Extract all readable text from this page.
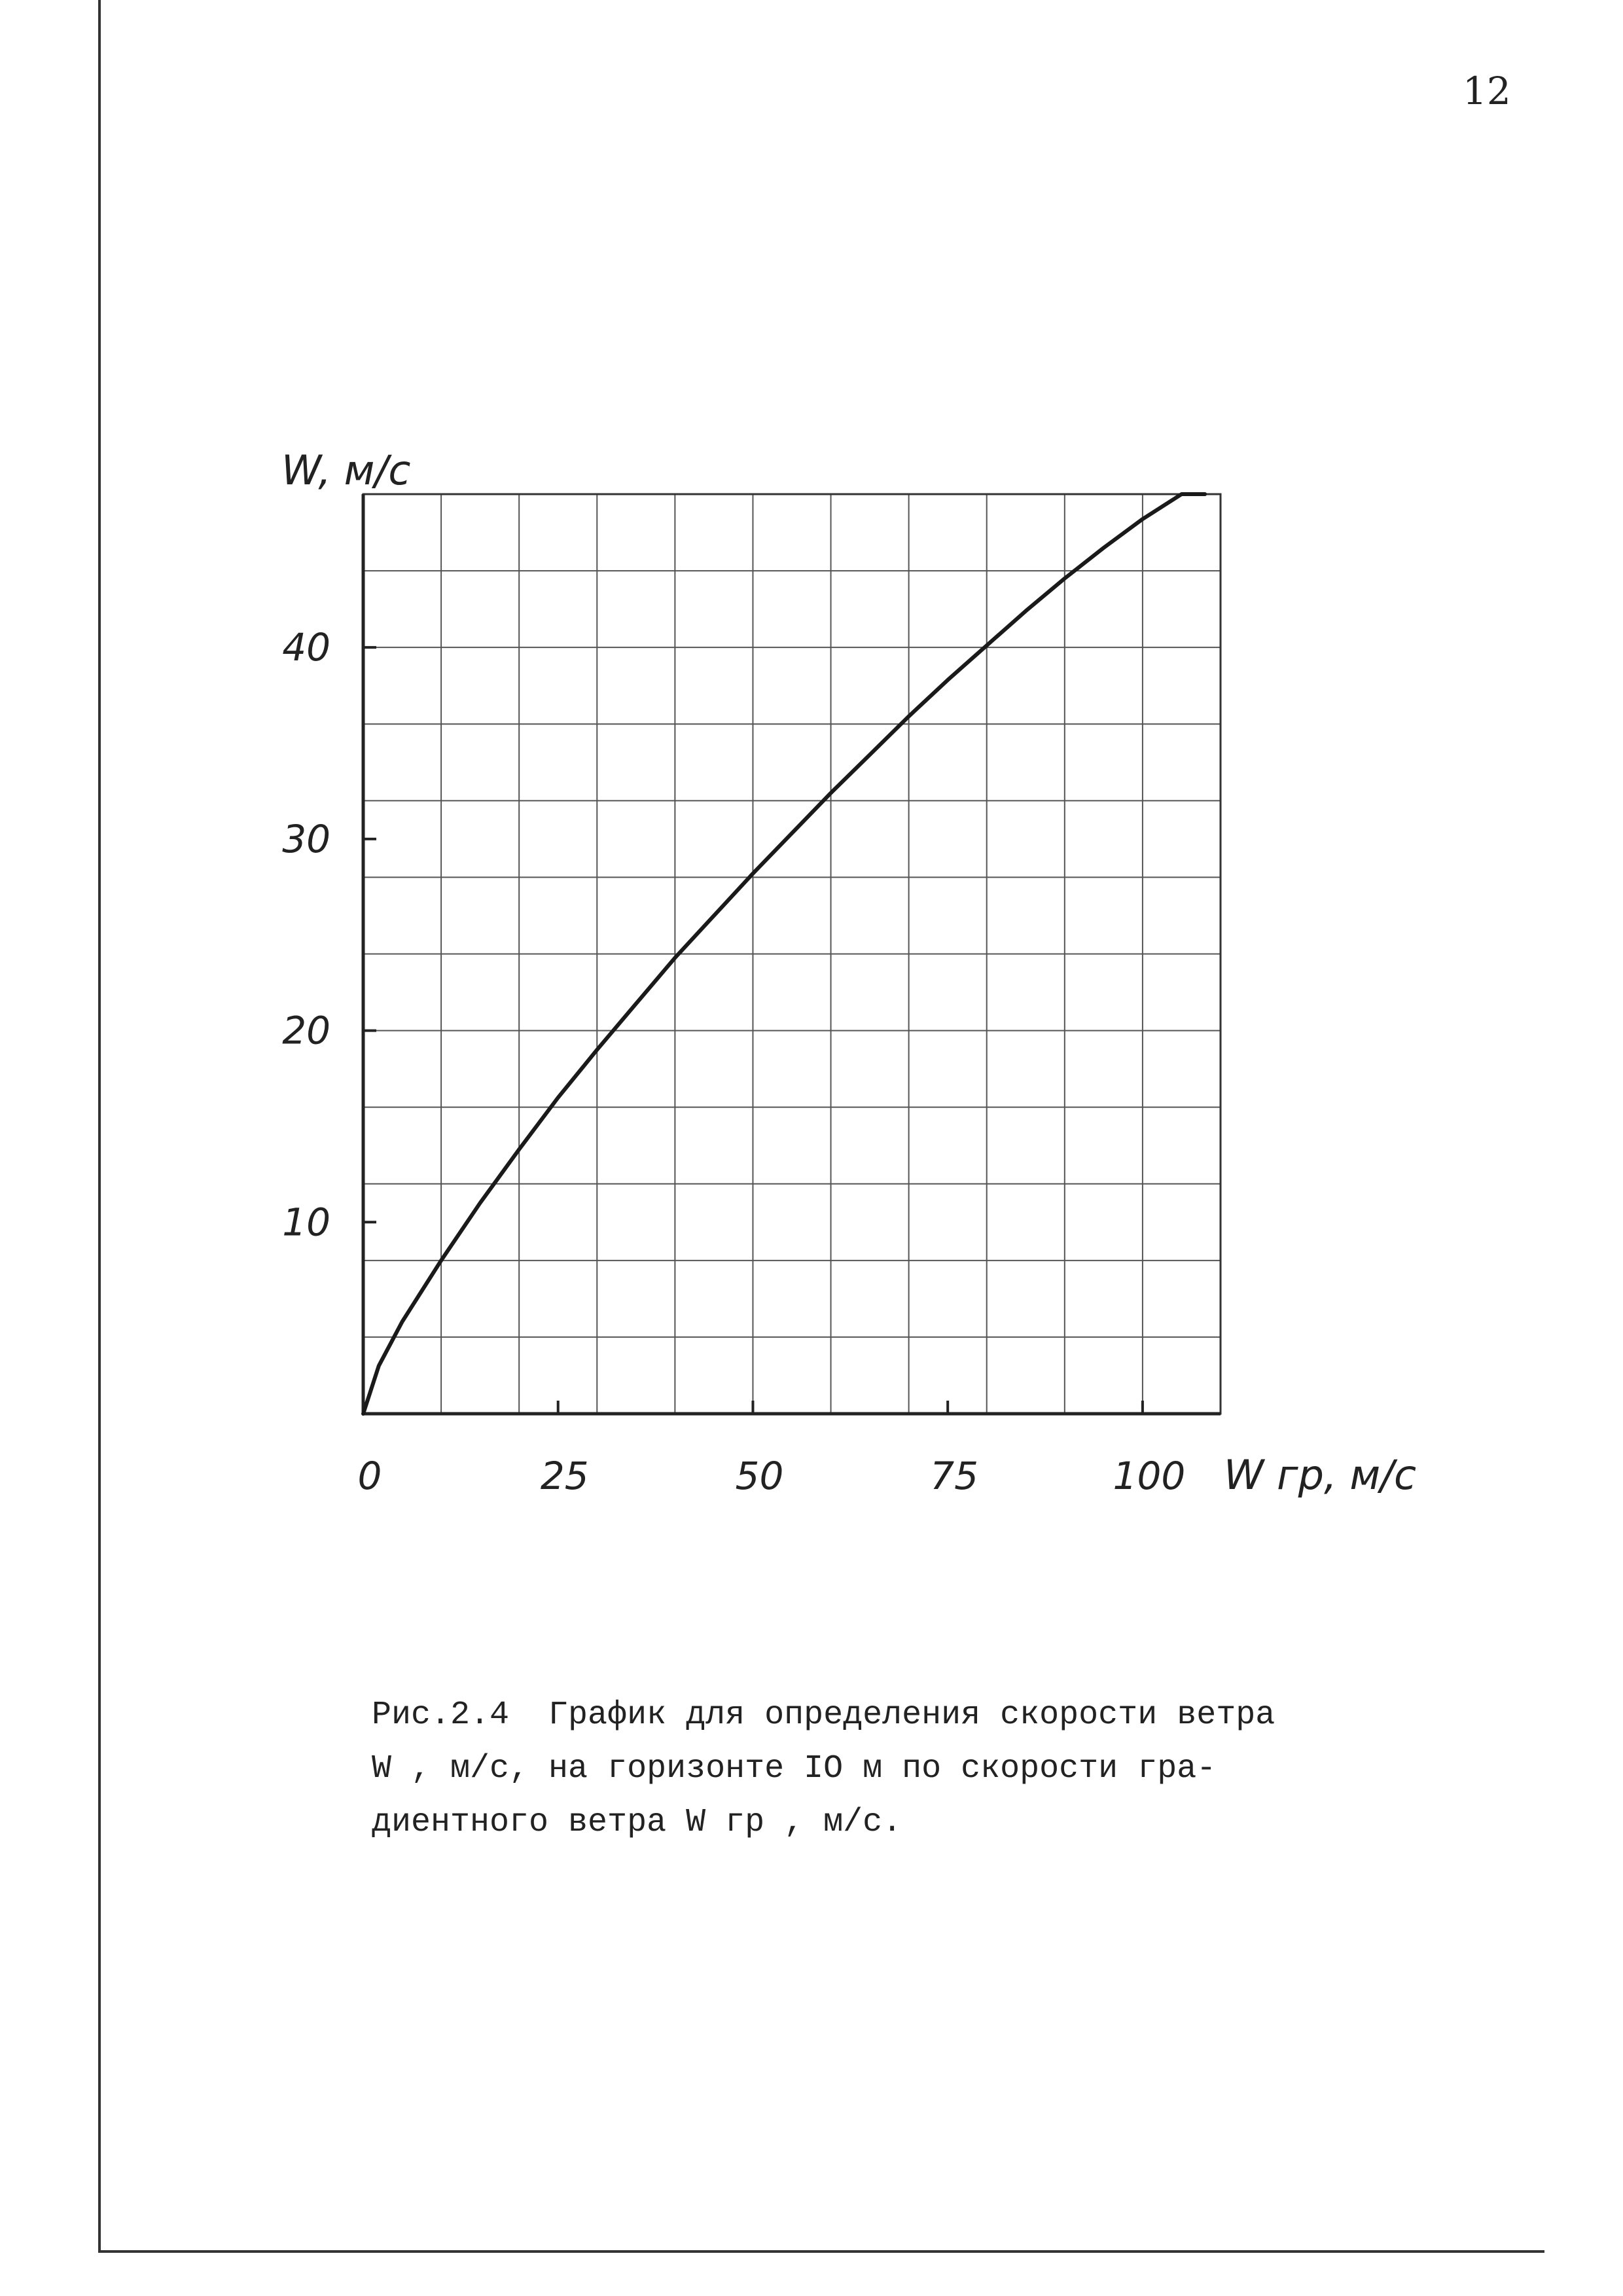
12
0	25	50	75	100
10
20
30
40
W, м/с
W гр, м/с
Рис.2.4  График для определения скорости ветра
W , м/с, на горизонте IO м по скорости гра-
диентного ветра W гр , м/с.
